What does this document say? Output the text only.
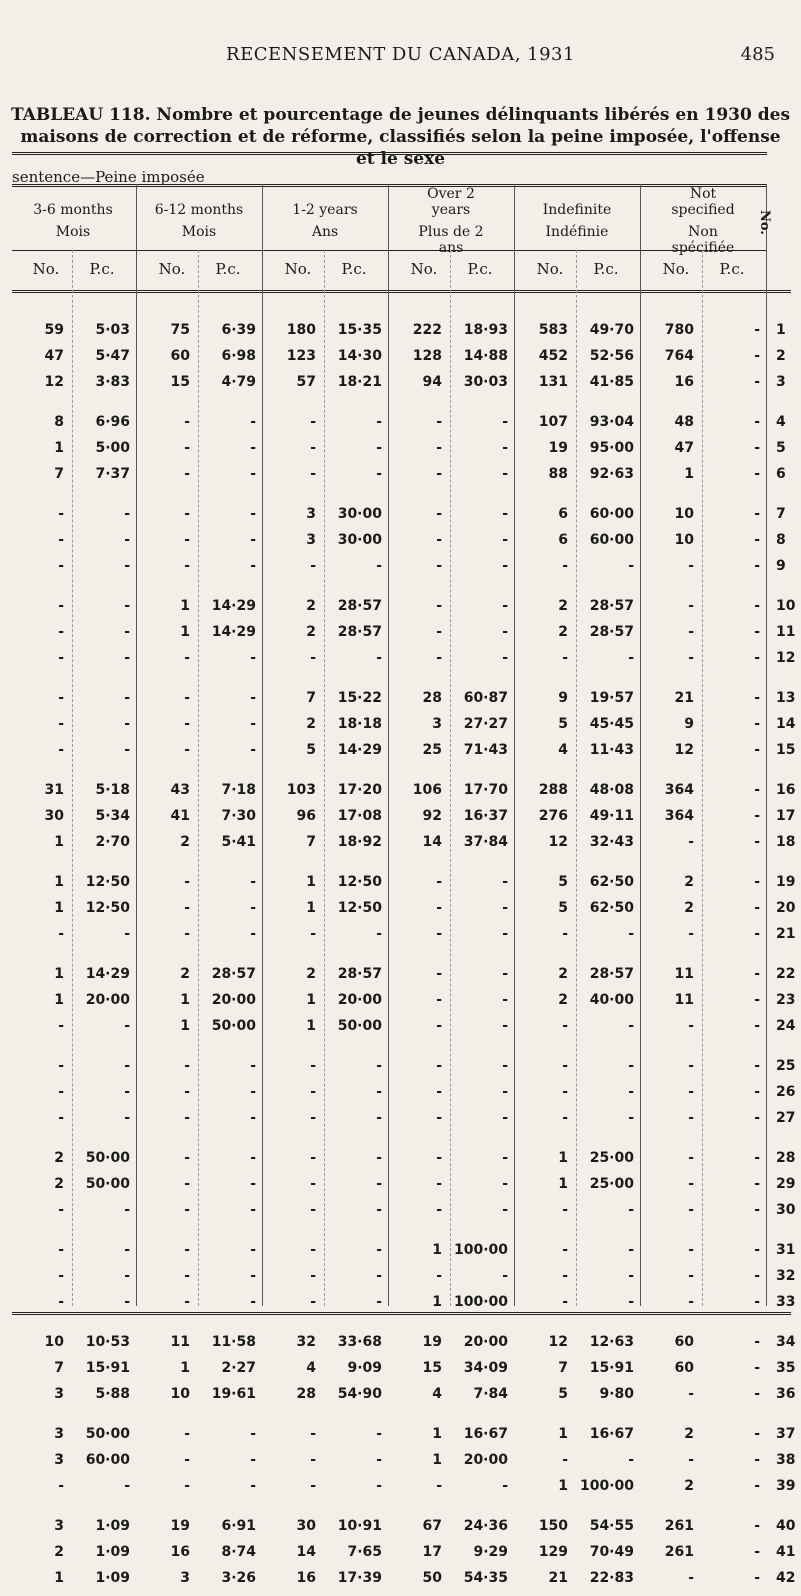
RECENSEMENT DU CANADA, 1931	485
TABLEAU 118. Nombre et pourcentage de jeunes délinquants libérés en 1930 des maisons de correction et de réforme, classifiés selon la peine imposée, l'offense et le sexe
sentence—Peine imposée
3-6 months
Mois
6-12 months
Mois
1-2 years
Ans
Over 2 years
Plus de 2 ans
Indefinite
Indéfinie
Not specified
Non spécifiée
No.	P.c.	No.	P.c.	No.	P.c.	No.	P.c.	No.	P.c.	No.	P.c.
No.
59	5·03	75	6·39	180	15·35	222	18·93	583	49·70	780	- 1
47	5·47	60	6·98	123	14·30	128	14·88	452	52·56	764	- 2
12	3·83	15	4·79	57	18·21	94	30·03	131	41·85	16	- 3
8	6·96	-	-	-	-	-	-	107	93·04	48	- 4
1	5·00	-	-	-	-	-	-	19	95·00	47	- 5
7	7·37	-	-	-	-	-	-	88	92·63	1	- 6
-	-	-	-	3	30·00	-	-	6	60·00	10	- 7
-	-	-	-	3	30·00	-	-	6	60·00	10	- 8
-	-	-	-	-	-	-	-	-	-	-	- 9
-	-	1	14·29	2	28·57	-	-	2	28·57	-	- 10
-	-	1	14·29	2	28·57	-	-	2	28·57	-	- 11
-	-	-	-	-	-	-	-	-	-	-	- 12
-	-	-	-	7	15·22	28	60·87	9	19·57	21	- 13
-	-	-	-	2	18·18	3	27·27	5	45·45	9	- 14
-	-	-	-	5	14·29	25	71·43	4	11·43	12	- 15
31	5·18	43	7·18	103	17·20	106	17·70	288	48·08	364	- 16
30	5·34	41	7·30	96	17·08	92	16·37	276	49·11	364	- 17
1	2·70	2	5·41	7	18·92	14	37·84	12	32·43	-	- 18
1	12·50	-	-	1	12·50	-	-	5	62·50	2	- 19
1	12·50	-	-	1	12·50	-	-	5	62·50	2	- 20
-	-	-	-	-	-	-	-	-	-	-	- 21
1	14·29	2	28·57	2	28·57	-	-	2	28·57	11	- 22
1	20·00	1	20·00	1	20·00	-	-	2	40·00	11	- 23
-	-	1	50·00	1	50·00	-	-	-	-	-	- 24
-	-	-	-	-	-	-	-	-	-	-	- 25
-	-	-	-	-	-	-	-	-	-	-	- 26
-	-	-	-	-	-	-	-	-	-	-	- 27
2	50·00	-	-	-	-	-	-	1	25·00	-	- 28
2	50·00	-	-	-	-	-	-	1	25·00	-	- 29
-	-	-	-	-	-	-	-	-	-	-	- 30
-	-	-	-	-	-	1 100·00	-	-	-	- 31
-	-	-	-	-	-	-	-	-	-	-	- 32
-	-	-	-	-	-	1 100·00	-	-	-	- 33
10	10·53	11	11·58	32	33·68	19	20·00	12	12·63	60	- 34
7	15·91	1	2·27	4	9·09	15	34·09	7	15·91	60	- 35
3	5·88	10	19·61	28	54·90	4	7·84	5	9·80	-	- 36
3	50·00	-	-	-	-	1	16·67	1	16·67	2	- 37
3	60·00	-	-	-	-	1	20·00	-	-	-	- 38
-	-	-	-	-	-	-	-	1 100·00	2	- 39
3	1·09	19	6·91	30	10·91	67	24·36	150	54·55	261	- 40
2	1·09	16	8·74	14	7·65	17	9·29	129	70·49	261	- 41
1	1·09	3	3·26	16	17·39	50	54·35	21	22·83	-	- 42
